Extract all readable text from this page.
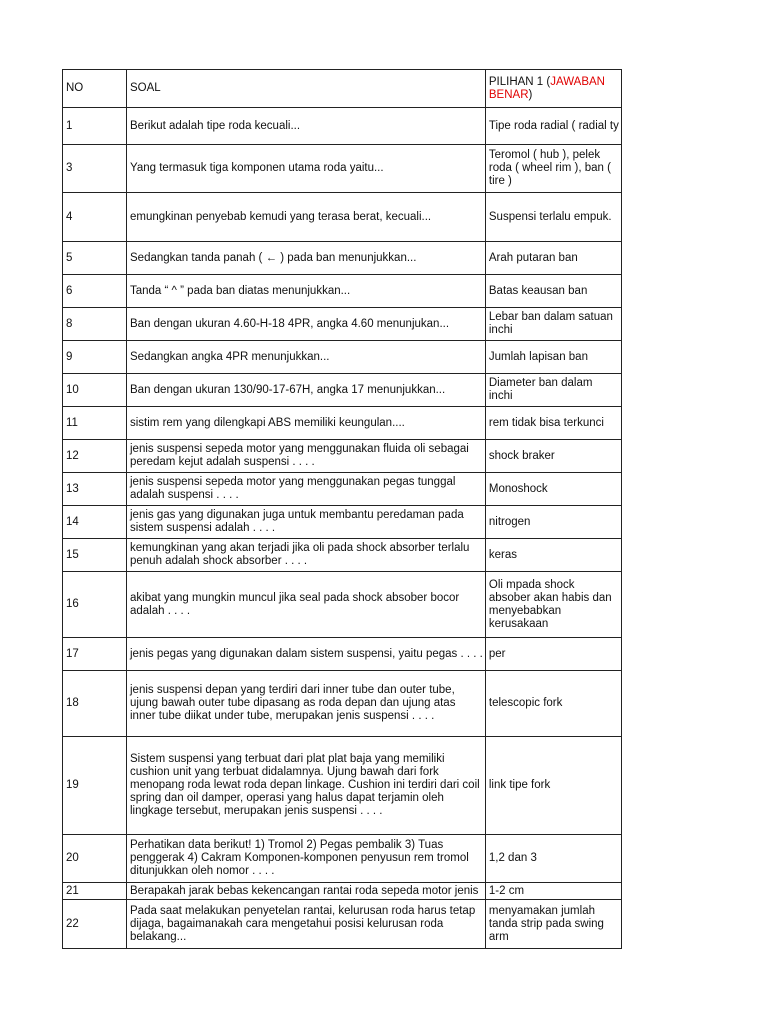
NO	SOAL	PILIHAN 1 (JAWABAN BENAR)
1	Berikut adalah tipe roda kecuali...	Tipe roda radial ( radial ty
3	Yang termasuk tiga komponen utama roda yaitu...	Teromol ( hub ), pelek roda ( wheel rim ), ban ( tire )
4	emungkinan penyebab kemudi yang terasa berat, kecuali...	Suspensi terlalu empuk.
5	Sedangkan tanda panah ( ← ) pada ban menunjukkan...	Arah putaran ban
6	Tanda “ ^ ” pada ban diatas menunjukkan...	Batas keausan ban
8	Ban dengan ukuran 4.60-H-18 4PR, angka 4.60 menunjukan...	Lebar ban dalam satuan inchi
9	Sedangkan angka 4PR menunjukkan...	Jumlah lapisan ban
10	Ban dengan ukuran 130/90-17-67H, angka 17 menunjukkan...	Diameter ban dalam inchi
11	sistim rem yang dilengkapi ABS memiliki keungulan....	rem tidak bisa terkunci
12	jenis suspensi sepeda motor yang menggunakan fluida oli sebagai peredam kejut adalah suspensi . . . .	shock braker
13	jenis suspensi sepeda motor yang menggunakan pegas tunggal adalah suspensi . . . .	Monoshock
14	jenis gas yang digunakan juga untuk membantu peredaman pada sistem suspensi adalah . . . .	nitrogen
15	kemungkinan yang akan terjadi jika oli pada shock absorber terlalu penuh adalah shock absorber . . . .	keras
16	akibat yang mungkin muncul jika seal pada shock absober bocor adalah . . . .	Oli mpada shock absober akan habis dan menyebabkan kerusakaan
17	jenis pegas yang digunakan dalam sistem suspensi, yaitu pegas . . . .	per
18	jenis suspensi depan yang terdiri dari inner tube dan outer tube, ujung bawah outer tube dipasang as roda depan dan ujung atas inner tube diikat under tube, merupakan jenis suspensi . . . .	telescopic fork
19	Sistem suspensi yang terbuat dari plat plat baja yang memiliki cushion unit yang terbuat didalamnya. Ujung bawah dari fork menopang roda lewat roda depan linkage. Cushion ini terdiri dari coil spring dan oil damper, operasi yang halus dapat terjamin oleh lingkage tersebut, merupakan jenis suspensi . . . .	link tipe fork
20	Perhatikan data berikut! 1) Tromol 2) Pegas pembalik 3) Tuas penggerak 4) Cakram Komponen-komponen penyusun rem tromol ditunjukkan oleh nomor . . . .	1,2 dan 3
21	Berapakah jarak bebas kekencangan rantai roda sepeda motor jenis	1-2 cm
22	Pada saat melakukan penyetelan rantai, kelurusan roda harus tetap dijaga, bagaimanakah cara mengetahui posisi kelurusan roda belakang...	menyamakan jumlah tanda strip pada swing arm
